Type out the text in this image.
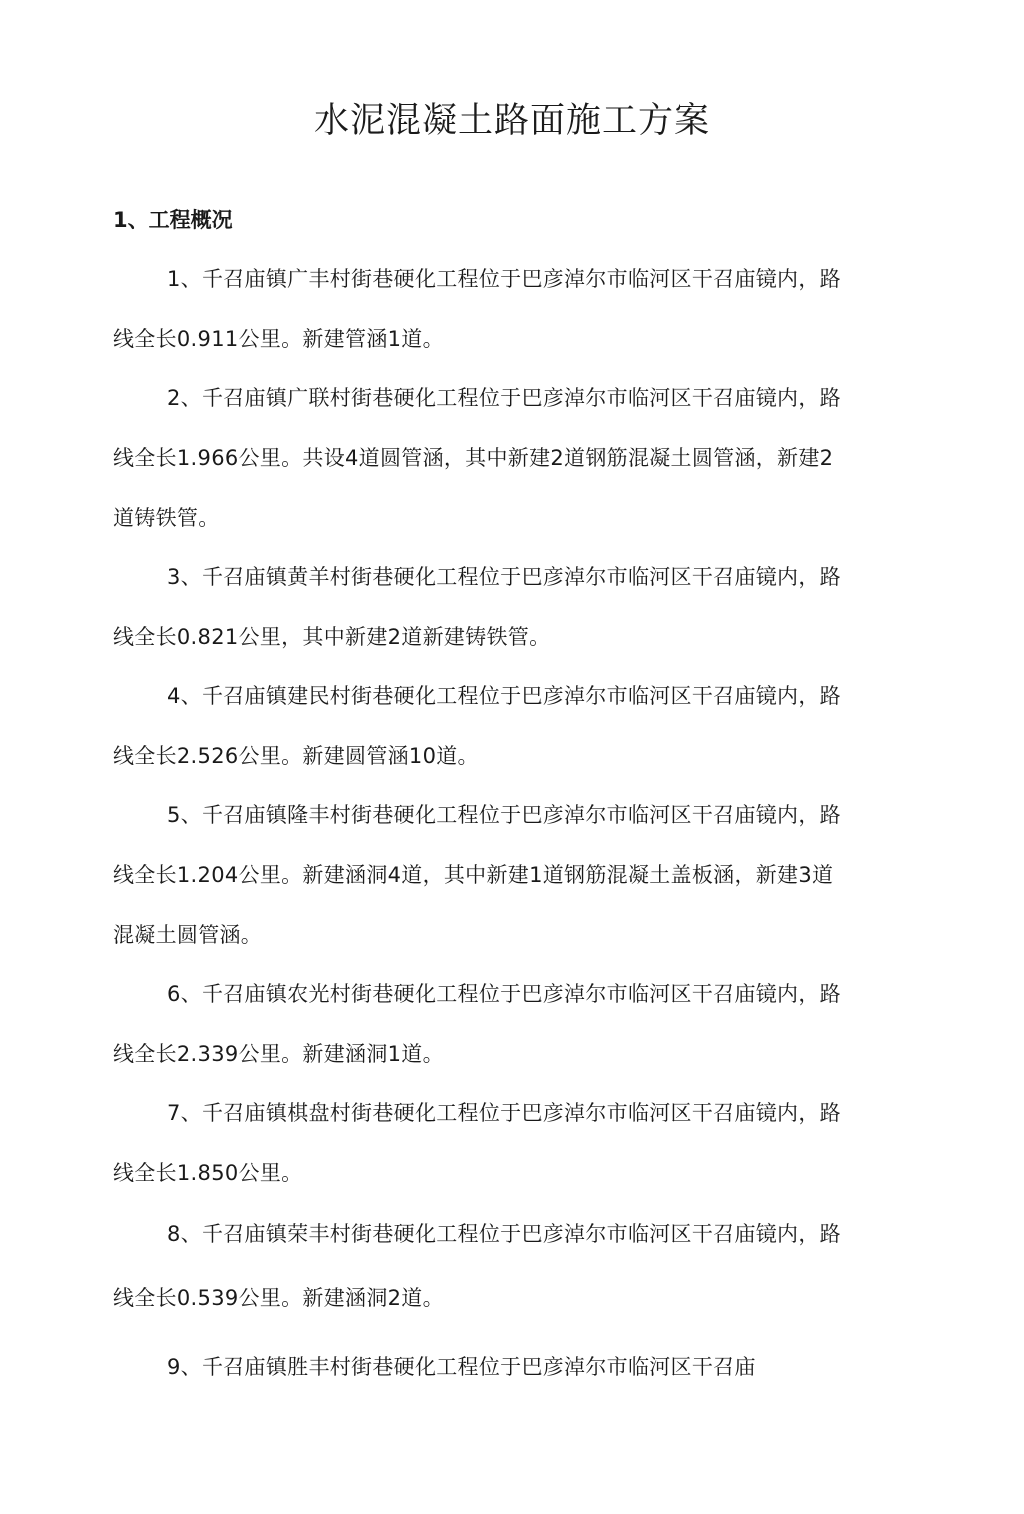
水泥混凝土路面施工方案
1、工程概况

1、千召庙镇广丰村街巷硬化工程位于巴彦淖尔市临河区干召庙镜内，路线全长0.911公里。新建管涵1道。

2、千召庙镇广联村街巷硬化工程位于巴彦淖尔市临河区干召庙镜内，路线全长1.966公里。共设4道圆管涵，其中新建2道钢筋混凝土圆管涵，新建2道铸铁管。

3、千召庙镇黄羊村街巷硬化工程位于巴彦淖尔市临河区干召庙镜内，路线全长0.821公里，其中新建2道新建铸铁管。

4、千召庙镇建民村街巷硬化工程位于巴彦淖尔市临河区干召庙镜内，路线全长2.526公里。新建圆管涵10道。

5、千召庙镇隆丰村街巷硬化工程位于巴彦淖尔市临河区干召庙镜内，路线全长1.204公里。新建涵洞4道，其中新建1道钢筋混凝土盖板涵，新建3道混凝土圆管涵。

6、千召庙镇农光村街巷硬化工程位于巴彦淖尔市临河区干召庙镜内，路线全长2.339公里。新建涵洞1道。

7、千召庙镇棋盘村街巷硬化工程位于巴彦淖尔市临河区干召庙镜内，路线全长1.850公里。

8、千召庙镇荣丰村街巷硬化工程位于巴彦淖尔市临河区干召庙镜内，路线全长0.539公里。新建涵洞2道。

9、千召庙镇胜丰村街巷硬化工程位于巴彦淖尔市临河区干召庙
